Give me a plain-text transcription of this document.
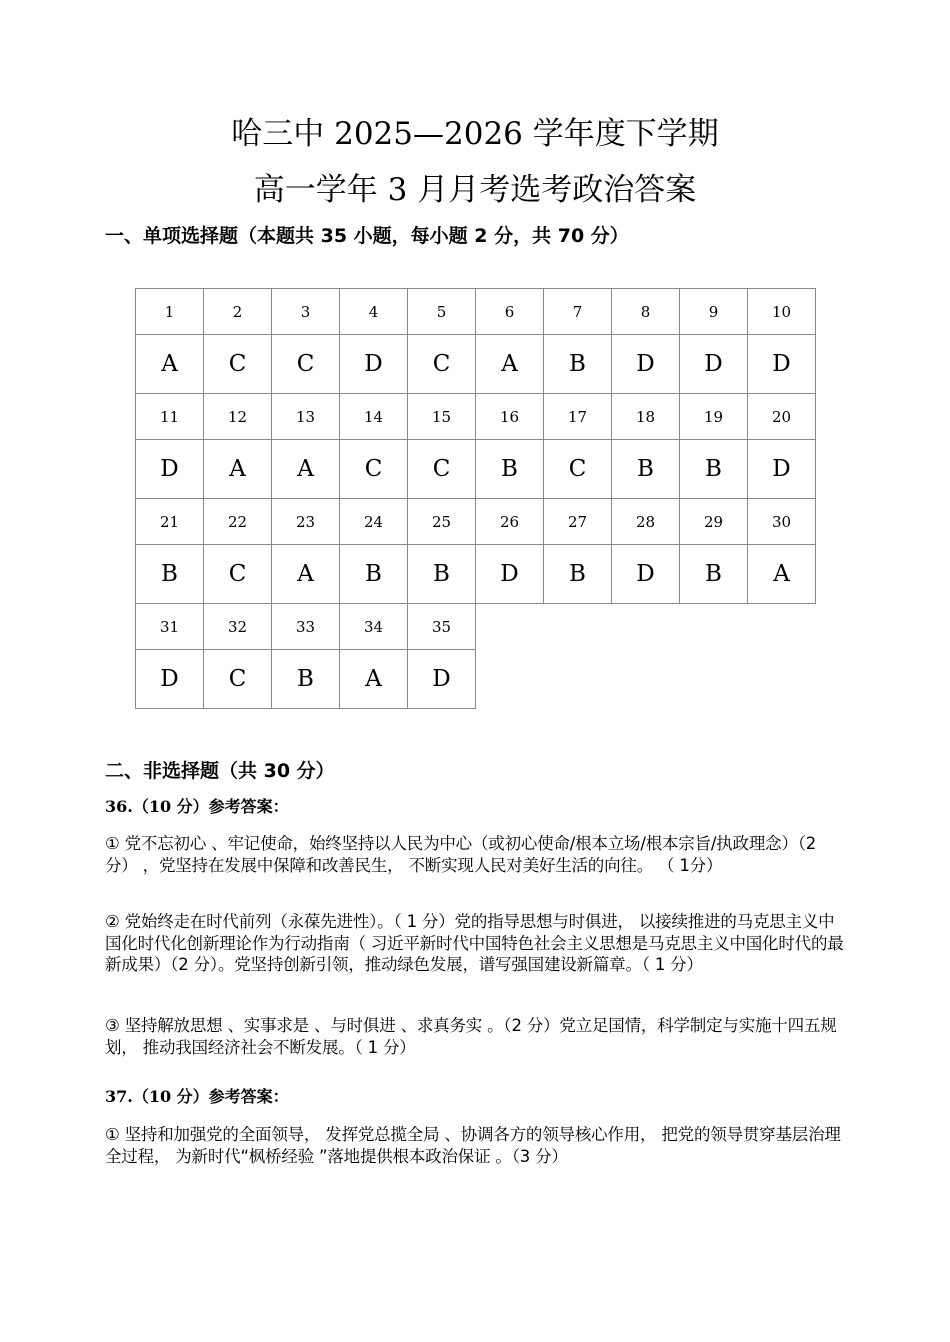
哈三中 2025—2026 学年度下学期
高一学年 3 月月考选考政治答案
一、单项选择题（本题共 35 小题，每小题 2 分，共 70 分）
1	2	3	4	5	6	7	8	9	10
A	C	C	D	C	A	B	D	D	D
11	12	13	14	15	16	17	18	19	20
D	A	A	C	C	B	C	B	B	D
21	22	23	24	25	26	27	28	29	30
B	C	A	B	B	D	B	D	B	A
31	32	33	34	35					
D	C	B	A	D					
二、非选择题（共 30 分）
36.（10 分）参考答案：
① 党不忘初心 、牢记使命，始终坚持以人民为中心（或初心使命/根本立场/根本宗旨/执政理念）（2 分） ，党坚持在发展中保障和改善民生， 不断实现人民对美好生活的向往。 （ 1分）
② 党始终走在时代前列（永葆先进性）。（ 1 分）党的指导思想与时俱进， 以接续推进的马克思主义中国化时代化创新理论作为行动指南（ 习近平新时代中国特色社会主义思想是马克思主义中国化时代的最新成果）（2 分）。党坚持创新引领，推动绿色发展，谱写强国建设新篇章。（ 1 分）
③ 坚持解放思想 、实事求是 、与时俱进 、求真务实 。（2 分）党立足国情，科学制定与实施十四五规划， 推动我国经济社会不断发展。（ 1 分）
37.（10 分）参考答案：
① 坚持和加强党的全面领导， 发挥党总揽全局 、协调各方的领导核心作用， 把党的领导贯穿基层治理全过程， 为新时代“枫桥经验 ”落地提供根本政治保证 。（3 分）
